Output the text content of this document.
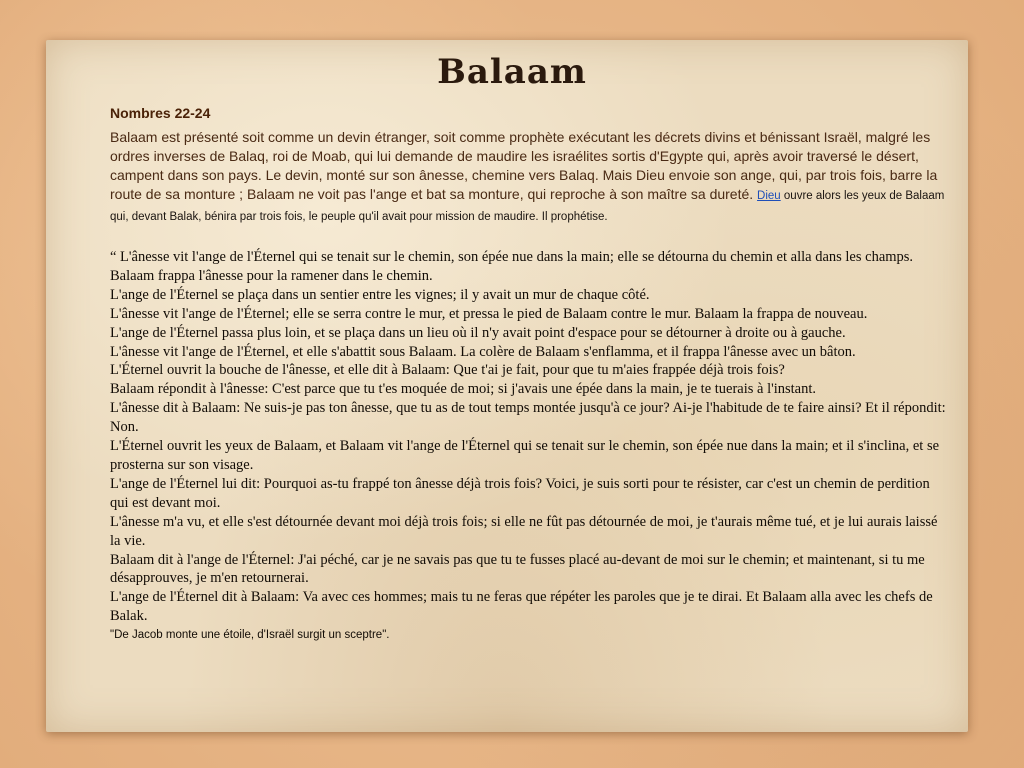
Balaam

Nombres 22-24

Balaam est présenté soit comme un devin étranger, soit comme prophète exécutant les décrets divins et bénissant Israël, malgré les ordres inverses de Balaq, roi de Moab, qui lui demande de maudire les israélites sortis d'Egypte qui, après avoir traversé le désert, campent dans son pays. Le devin, monté sur son ânesse, chemine vers Balaq. Mais Dieu envoie son ange, qui, par trois fois, barre la route de sa monture ; Balaam ne voit pas l'ange et bat sa monture, qui reproche à son maître sa dureté. Dieu ouvre alors les yeux de Balaam qui, devant Balak, bénira par trois fois, le peuple qu'il avait pour mission de maudire. Il prophétise.

“ L'ânesse vit l'ange de l'Éternel qui se tenait sur le chemin, son épée nue dans la main; elle se détourna du chemin et alla dans les champs. Balaam frappa l'ânesse pour la ramener dans le chemin.
L'ange de l'Éternel se plaça dans un sentier entre les vignes; il y avait un mur de chaque côté.
L'ânesse vit l'ange de l'Éternel; elle se serra contre le mur, et pressa le pied de Balaam contre le mur. Balaam la frappa de nouveau.
L'ange de l'Éternel passa plus loin, et se plaça dans un lieu où il n'y avait point d'espace pour se détourner à droite ou à gauche.
L'ânesse vit l'ange de l'Éternel, et elle s'abattit sous Balaam. La colère de Balaam s'enflamma, et il frappa l'ânesse avec un bâton.
L'Éternel ouvrit la bouche de l'ânesse, et elle dit à Balaam: Que t'ai je fait, pour que tu m'aies frappée déjà trois fois?
Balaam répondit à l'ânesse: C'est parce que tu t'es moquée de moi; si j'avais une épée dans la main, je te tuerais à l'instant.
L'ânesse dit à Balaam: Ne suis-je pas ton ânesse, que tu as de tout temps montée jusqu'à ce jour? Ai-je l'habitude de te faire ainsi? Et il répondit: Non.
L'Éternel ouvrit les yeux de Balaam, et Balaam vit l'ange de l'Éternel qui se tenait sur le chemin, son épée nue dans la main; et il s'inclina, et se prosterna sur son visage.
L'ange de l'Éternel lui dit: Pourquoi as-tu frappé ton ânesse déjà trois fois? Voici, je suis sorti pour te résister, car c'est un chemin de perdition qui est devant moi.
L'ânesse m'a vu, et elle s'est détournée devant moi déjà trois fois; si elle ne fût pas détournée de moi, je t'aurais même tué, et je lui aurais laissé la vie.
Balaam dit à l'ange de l'Éternel: J'ai péché, car je ne savais pas que tu te fusses placé au-devant de moi sur le chemin; et maintenant, si tu me désapprouves, je m'en retournerai.
L'ange de l'Éternel dit à Balaam: Va avec ces hommes; mais tu ne feras que répéter les paroles que je te dirai. Et Balaam alla avec les chefs de Balak.
"De Jacob monte une étoile, d'Israël surgit un sceptre".
